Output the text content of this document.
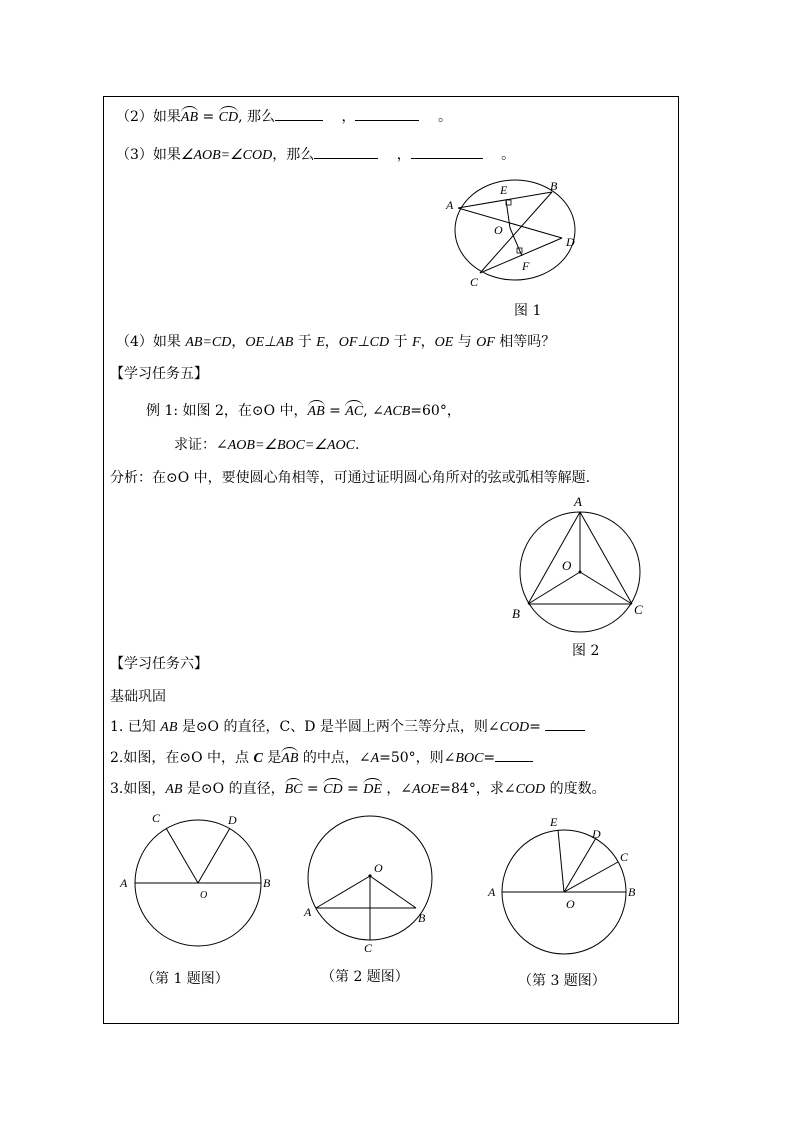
（2）如果AB = CD, 那么	，	。
（3）如果∠AOB=∠COD，那么	，	。
A
B
C
D
E
F
O
图 1
（4）如果 AB=CD，OE⊥AB 于 E，OF⊥CD 于 F，OE 与 OF 相等吗？
【学习任务五】
例 1: 如图 2，在⊙O 中，AB = AC, ∠ACB=60°，
求证：∠AOB=∠BOC=∠AOC.
分析：在⊙O 中，要使圆心角相等，可通过证明圆心角所对的弦或弧相等解题.
A
B	C
O
图 2
【学习任务六】
基础巩固
1. 已知 AB 是⊙O 的直径，C、D 是半圆上两个三等分点，则∠COD=
2.如图，在⊙O 中，点 C 是AB 的中点，∠A=50°，则∠BOC=
3.如图，AB 是⊙O 的直径，BC = CD = DE ，∠AOE=84°，求∠COD 的度数。
A	B
C	D
O
（第 1 题图）
A	B
C
O
（第 2 题图）
A	B
C
D
E
O
（第 3 题图）
